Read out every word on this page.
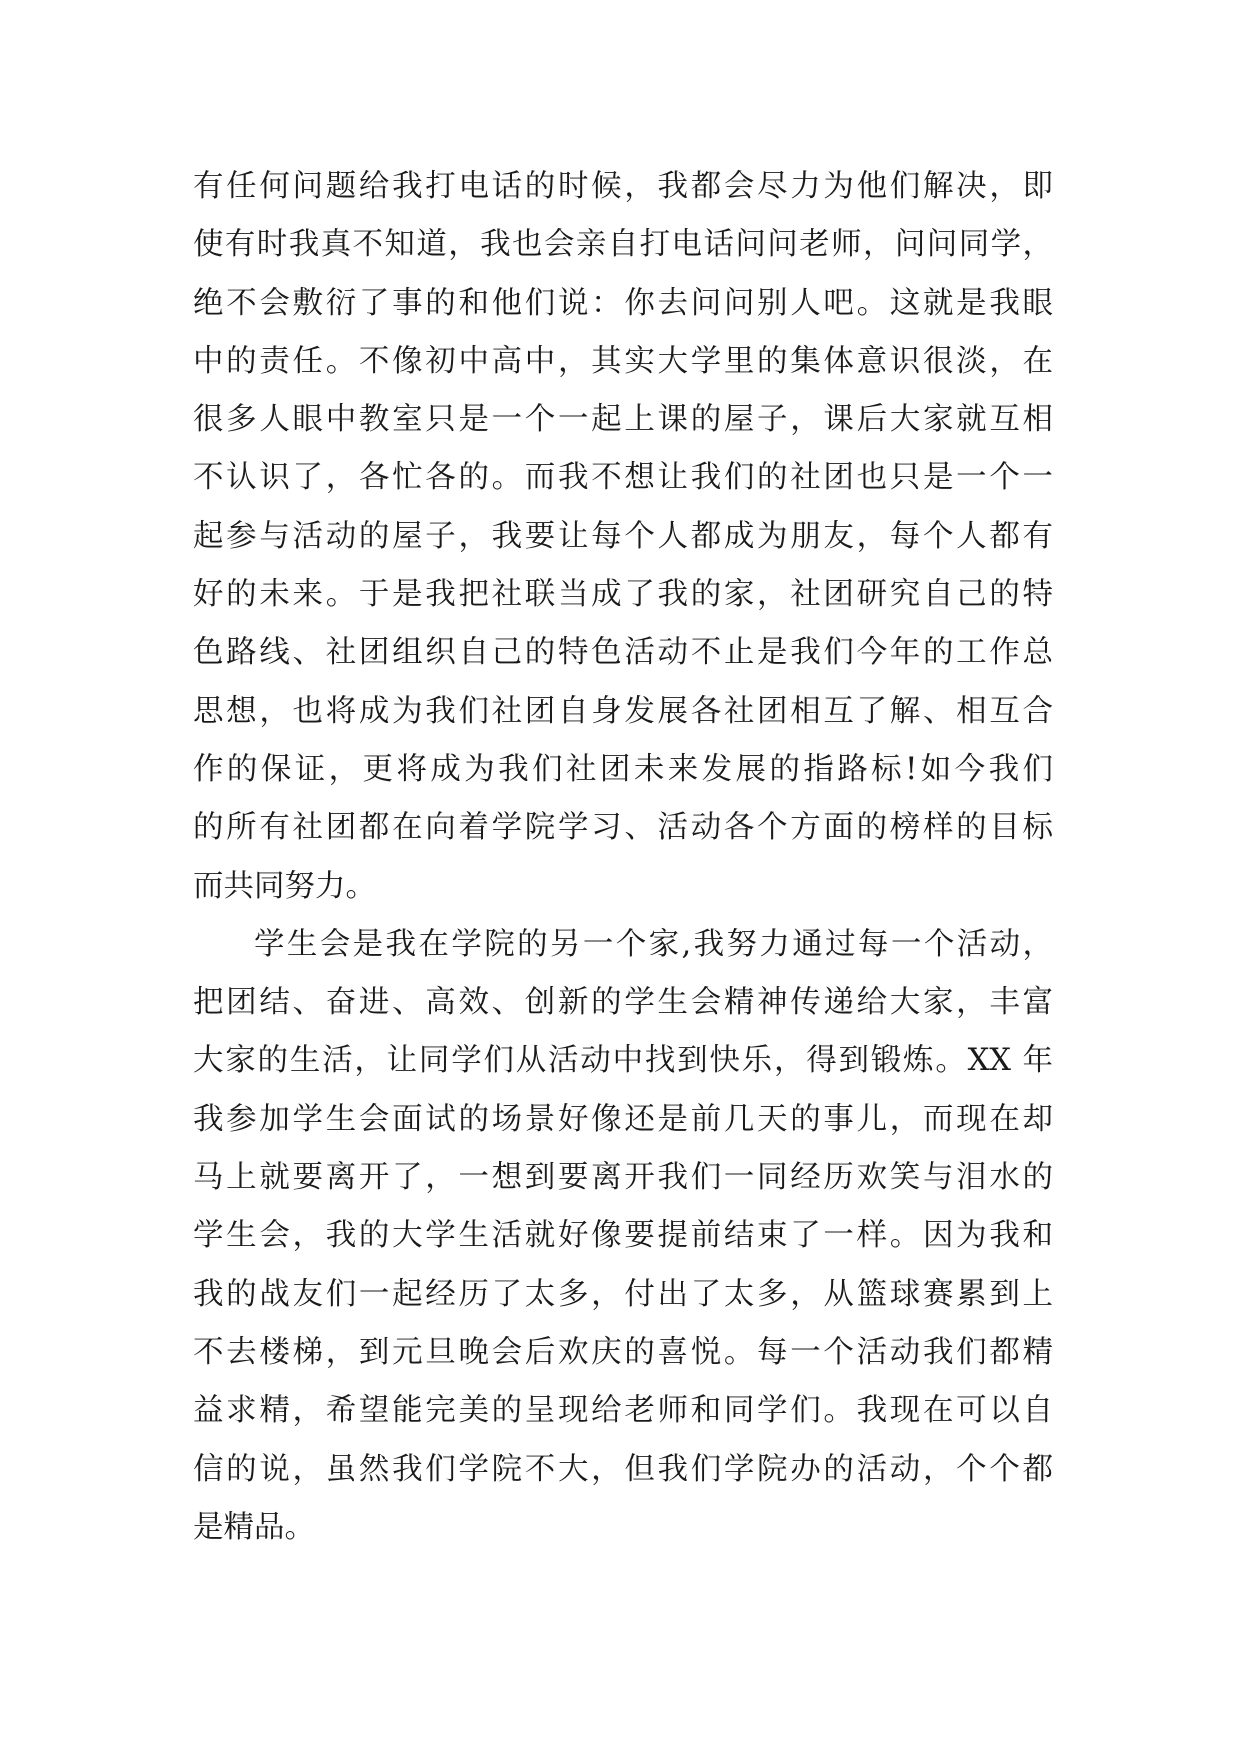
有任何问题给我打电话的时候，我都会尽力为他们解决，即
使有时我真不知道，我也会亲自打电话问问老师，问问同学，
绝不会敷衍了事的和他们说：你去问问别人吧。这就是我眼
中的责任。不像初中高中，其实大学里的集体意识很淡，在
很多人眼中教室只是一个一起上课的屋子，课后大家就互相
不认识了，各忙各的。而我不想让我们的社团也只是一个一
起参与活动的屋子，我要让每个人都成为朋友，每个人都有
好的未来。于是我把社联当成了我的家，社团研究自己的特
色路线、社团组织自己的特色活动不止是我们今年的工作总
思想，也将成为我们社团自身发展各社团相互了解、相互合
作的保证，更将成为我们社团未来发展的指路标!如今我们
的所有社团都在向着学院学习、活动各个方面的榜样的目标
而共同努力。
学生会是我在学院的另一个家,我努力通过每一个活动，
把团结、奋进、高效、创新的学生会精神传递给大家，丰富
大家的生活，让同学们从活动中找到快乐，得到锻炼。XX 年
我参加学生会面试的场景好像还是前几天的事儿，而现在却
马上就要离开了，一想到要离开我们一同经历欢笑与泪水的
学生会，我的大学生活就好像要提前结束了一样。因为我和
我的战友们一起经历了太多，付出了太多，从篮球赛累到上
不去楼梯，到元旦晚会后欢庆的喜悦。每一个活动我们都精
益求精，希望能完美的呈现给老师和同学们。我现在可以自
信的说，虽然我们学院不大，但我们学院办的活动，个个都
是精品。
